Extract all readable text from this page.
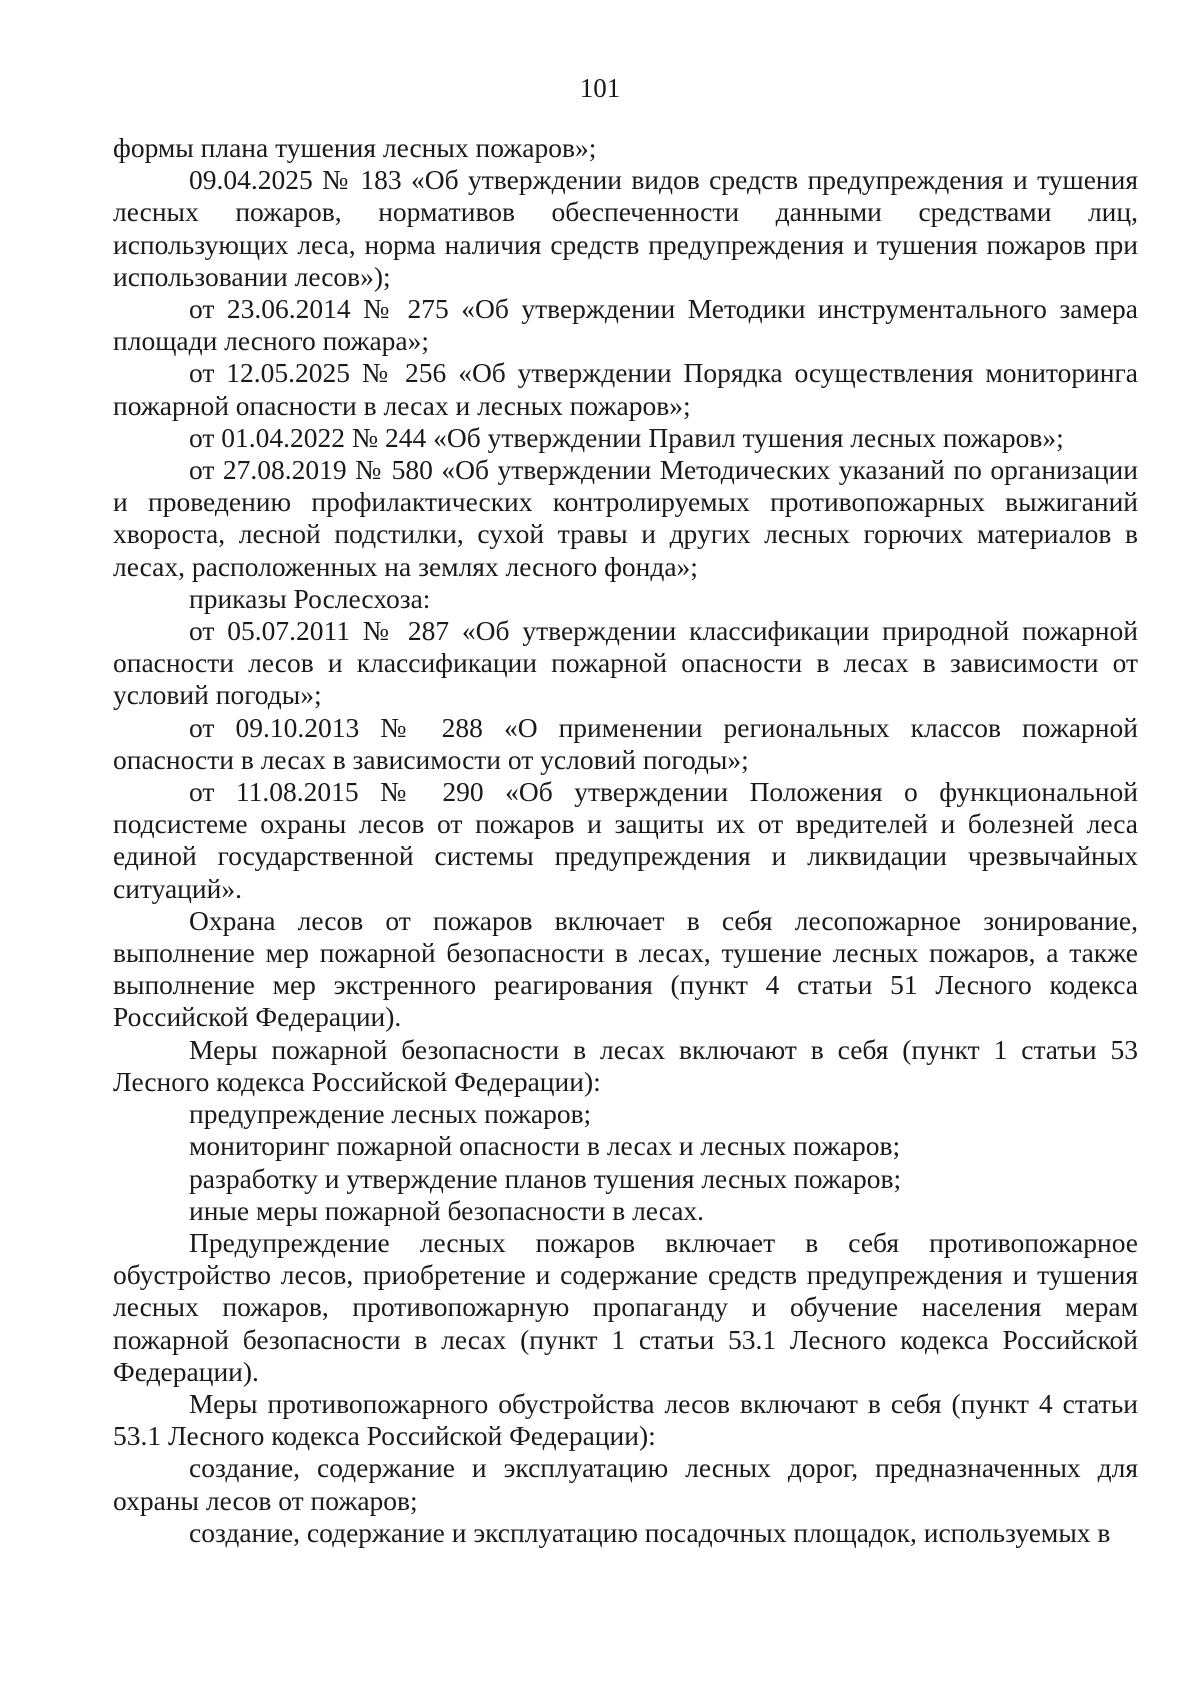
101

формы плана тушения лесных пожаров»;

09.04.2025 № 183 «Об утверждении видов средств предупреждения и тушения лесных пожаров, нормативов обеспеченности данными средствами лиц, использующих леса, норма наличия средств предупреждения и тушения пожаров при использовании лесов»);

от 23.06.2014 № 275 «Об утверждении Методики инструментального замера площади лесного пожара»;

от 12.05.2025 № 256 «Об утверждении Порядка осуществления мониторинга пожарной опасности в лесах и лесных пожаров»;

от 01.04.2022 № 244 «Об утверждении Правил тушения лесных пожаров»;

от 27.08.2019 № 580 «Об утверждении Методических указаний по организации и проведению профилактических контролируемых противопожарных выжиганий хвороста, лесной подстилки, сухой травы и других лесных горючих материалов в лесах, расположенных на землях лесного фонда»;

приказы Рослесхоза:

от 05.07.2011 № 287 «Об утверждении классификации природной пожарной опасности лесов и классификации пожарной опасности в лесах в зависимости от условий погоды»;

от 09.10.2013 № 288 «О применении региональных классов пожарной опасности в лесах в зависимости от условий погоды»;

от 11.08.2015 № 290 «Об утверждении Положения о функциональной подсистеме охраны лесов от пожаров и защиты их от вредителей и болезней леса единой государственной системы предупреждения и ликвидации чрезвычайных ситуаций».

Охрана лесов от пожаров включает в себя лесопожарное зонирование, выполнение мер пожарной безопасности в лесах, тушение лесных пожаров, а также выполнение мер экстренного реагирования (пункт 4 статьи 51 Лесного кодекса Российской Федерации).

Меры пожарной безопасности в лесах включают в себя (пункт 1 статьи 53 Лесного кодекса Российской Федерации):

предупреждение лесных пожаров;

мониторинг пожарной опасности в лесах и лесных пожаров;

разработку и утверждение планов тушения лесных пожаров;

иные меры пожарной безопасности в лесах.

Предупреждение лесных пожаров включает в себя противопожарное обустройство лесов, приобретение и содержание средств предупреждения и тушения лесных пожаров, противопожарную пропаганду и обучение населения мерам пожарной безопасности в лесах (пункт 1 статьи 53.1 Лесного кодекса Российской Федерации).

Меры противопожарного обустройства лесов включают в себя (пункт 4 статьи 53.1 Лесного кодекса Российской Федерации):

создание, содержание и эксплуатацию лесных дорог, предназначенных для охраны лесов от пожаров;

создание, содержание и эксплуатацию посадочных площадок, используемых в
